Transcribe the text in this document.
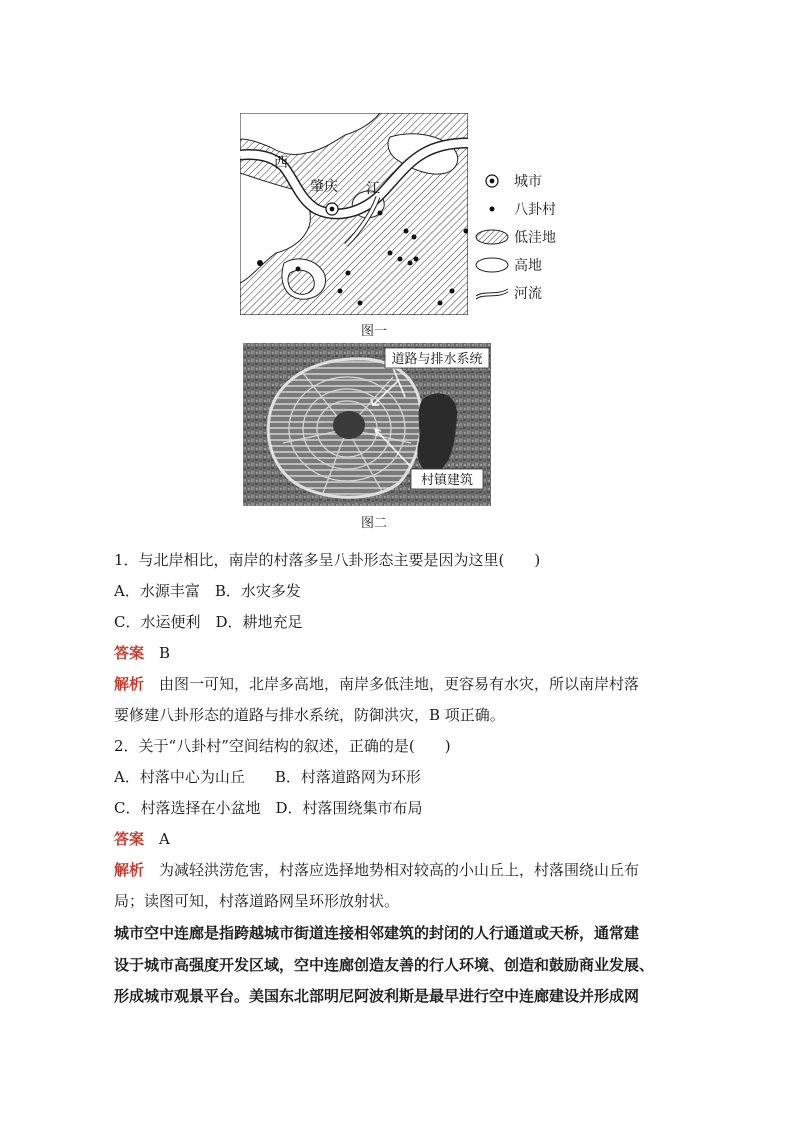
西
肇庆 江	城市
八卦村
低洼地
高地
河流
图一
道路与排水系统
村镇建筑
图二
1．与北岸相比，南岸的村落多呈八卦形态主要是因为这里(　　)
A．水源丰富　B．水灾多发
C．水运便利　D．耕地充足
答案　 B
解析　 由图一可知，北岸多高地，南岸多低洼地，更容易有水灾，所以南岸村落
要修建八卦形态的道路与排水系统，防御洪灾，B 项正确。
2．关于“八卦村”空间结构的叙述，正确的是(　　)
A．村落中心为山丘　　B．村落道路网为环形
C．村落选择在小盆地　D．村落围绕集市布局
答案　 A
解析　 为减轻洪涝危害，村落应选择地势相对较高的小山丘上，村落围绕山丘布
局；读图可知，村落道路网呈环形放射状。
城市空中连廊是指跨越城市街道连接相邻建筑的封闭的人行通道或天桥，通常建
设于城市高强度开发区域，空中连廊创造友善的行人环境、创造和鼓励商业发展、
形成城市观景平台。美国东北部明尼阿波利斯是最早进行空中连廊建设并形成网
